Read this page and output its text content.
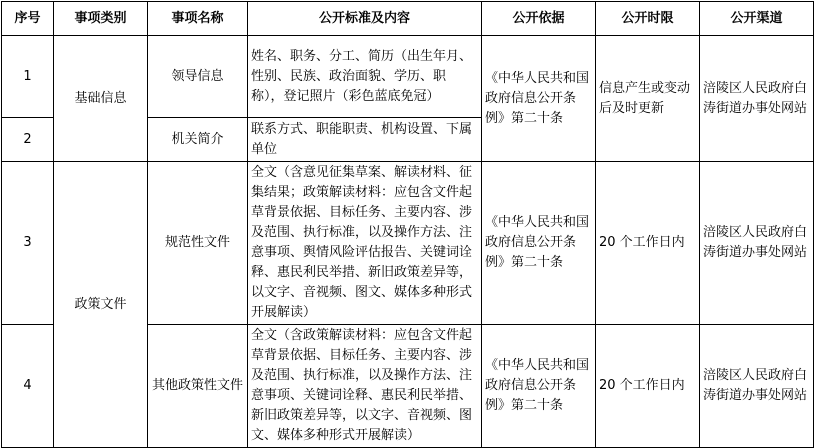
序号	事项类别	事项名称	公开标准及内容	公开依据	公开时限	公开渠道
1	基础信息	领导信息	姓名、职务、分工、简历（出生年月、性别、民族、政治面貌、学历、职称），登记照片（彩色蓝底免冠）	《中华人民共和国政府信息公开条例》第二十条	信息产生或变动后及时更新	涪陵区人民政府白涛街道办事处网站
2		机关简介	联系方式、职能职责、机构设置、下属单位			
3	政策文件	规范性文件	全文（含意见征集草案、解读材料、征集结果；政策解读材料：应包含文件起草背景依据、目标任务、主要内容、涉及范围、执行标准，以及操作方法、注意事项、舆情风险评估报告、关键词诠释、惠民利民举措、新旧政策差异等，以文字、音视频、图文、媒体多种形式开展解读）	《中华人民共和国政府信息公开条例》第二十条	20 个工作日内	涪陵区人民政府白涛街道办事处网站
4		其他政策性文件	全文（含政策解读材料：应包含文件起草背景依据、目标任务、主要内容、涉及范围、执行标准，以及操作方法、注意事项、关键词诠释、惠民利民举措、新旧政策差异等，以文字、音视频、图文、媒体多种形式开展解读）	《中华人民共和国政府信息公开条例》第二十条	20 个工作日内	涪陵区人民政府白涛街道办事处网站
